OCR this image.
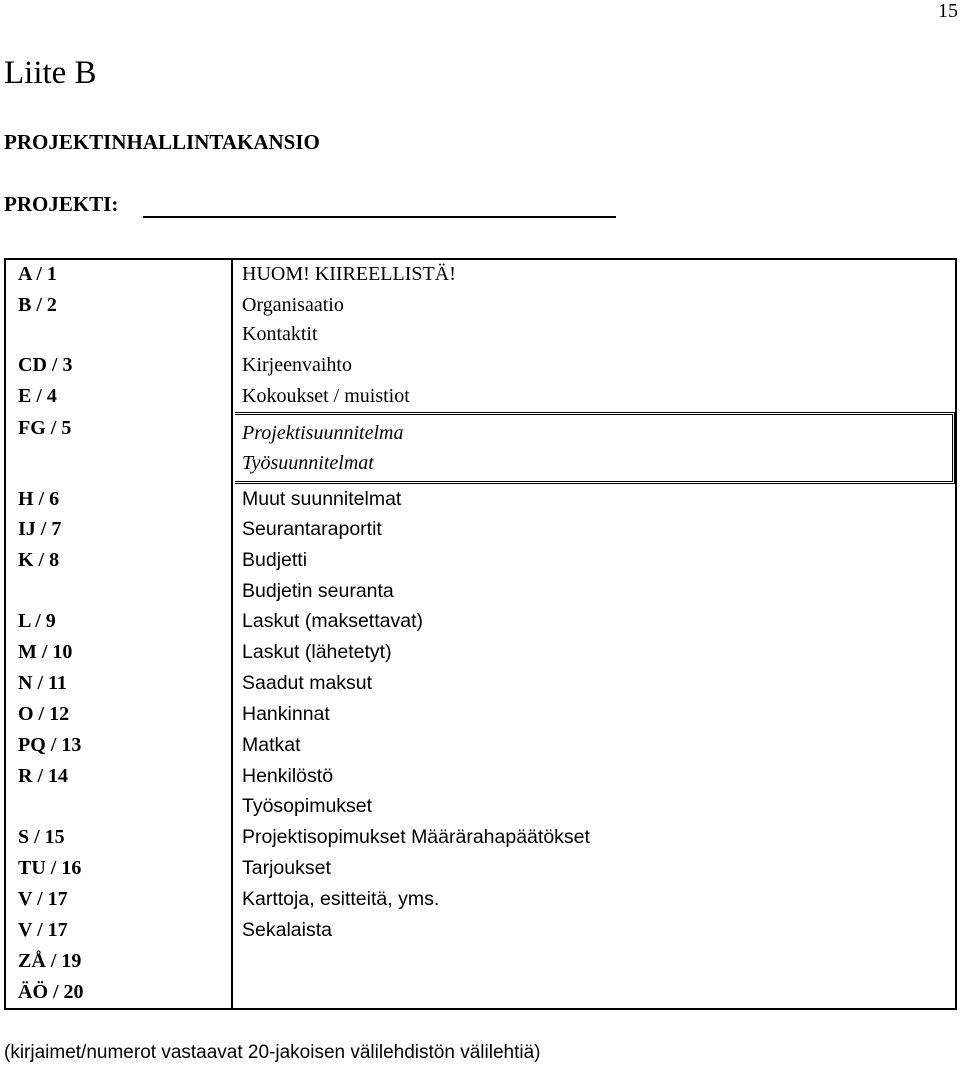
15
Liite B
PROJEKTINHALLINTAKANSIO
PROJEKTI:
A / 1
B / 2
CD / 3
E / 4
FG / 5
H / 6
IJ / 7
K / 8
L / 9
M / 10
N / 11
O / 12
PQ / 13
R / 14
S / 15
TU / 16
V / 17
V / 17
ZÅ / 19
ÄÖ / 20
HUOM! KIIREELLISTÄ!
Organisaatio
Kontaktit
Kirjeenvaihto
Kokoukset / muistiot
Projektisuunnitelma
Työsuunnitelmat
Muut suunnitelmat
Seurantaraportit
Budjetti
Budjetin seuranta
Laskut (maksettavat)
Laskut (lähetetyt)
Saadut maksut
Hankinnat
Matkat
Henkilöstö
Työsopimukset
Projektisopimukset Määrärahapäätökset
Tarjoukset
Karttoja, esitteitä, yms.
Sekalaista
(kirjaimet/numerot vastaavat 20-jakoisen välilehdistön välilehtiä)
